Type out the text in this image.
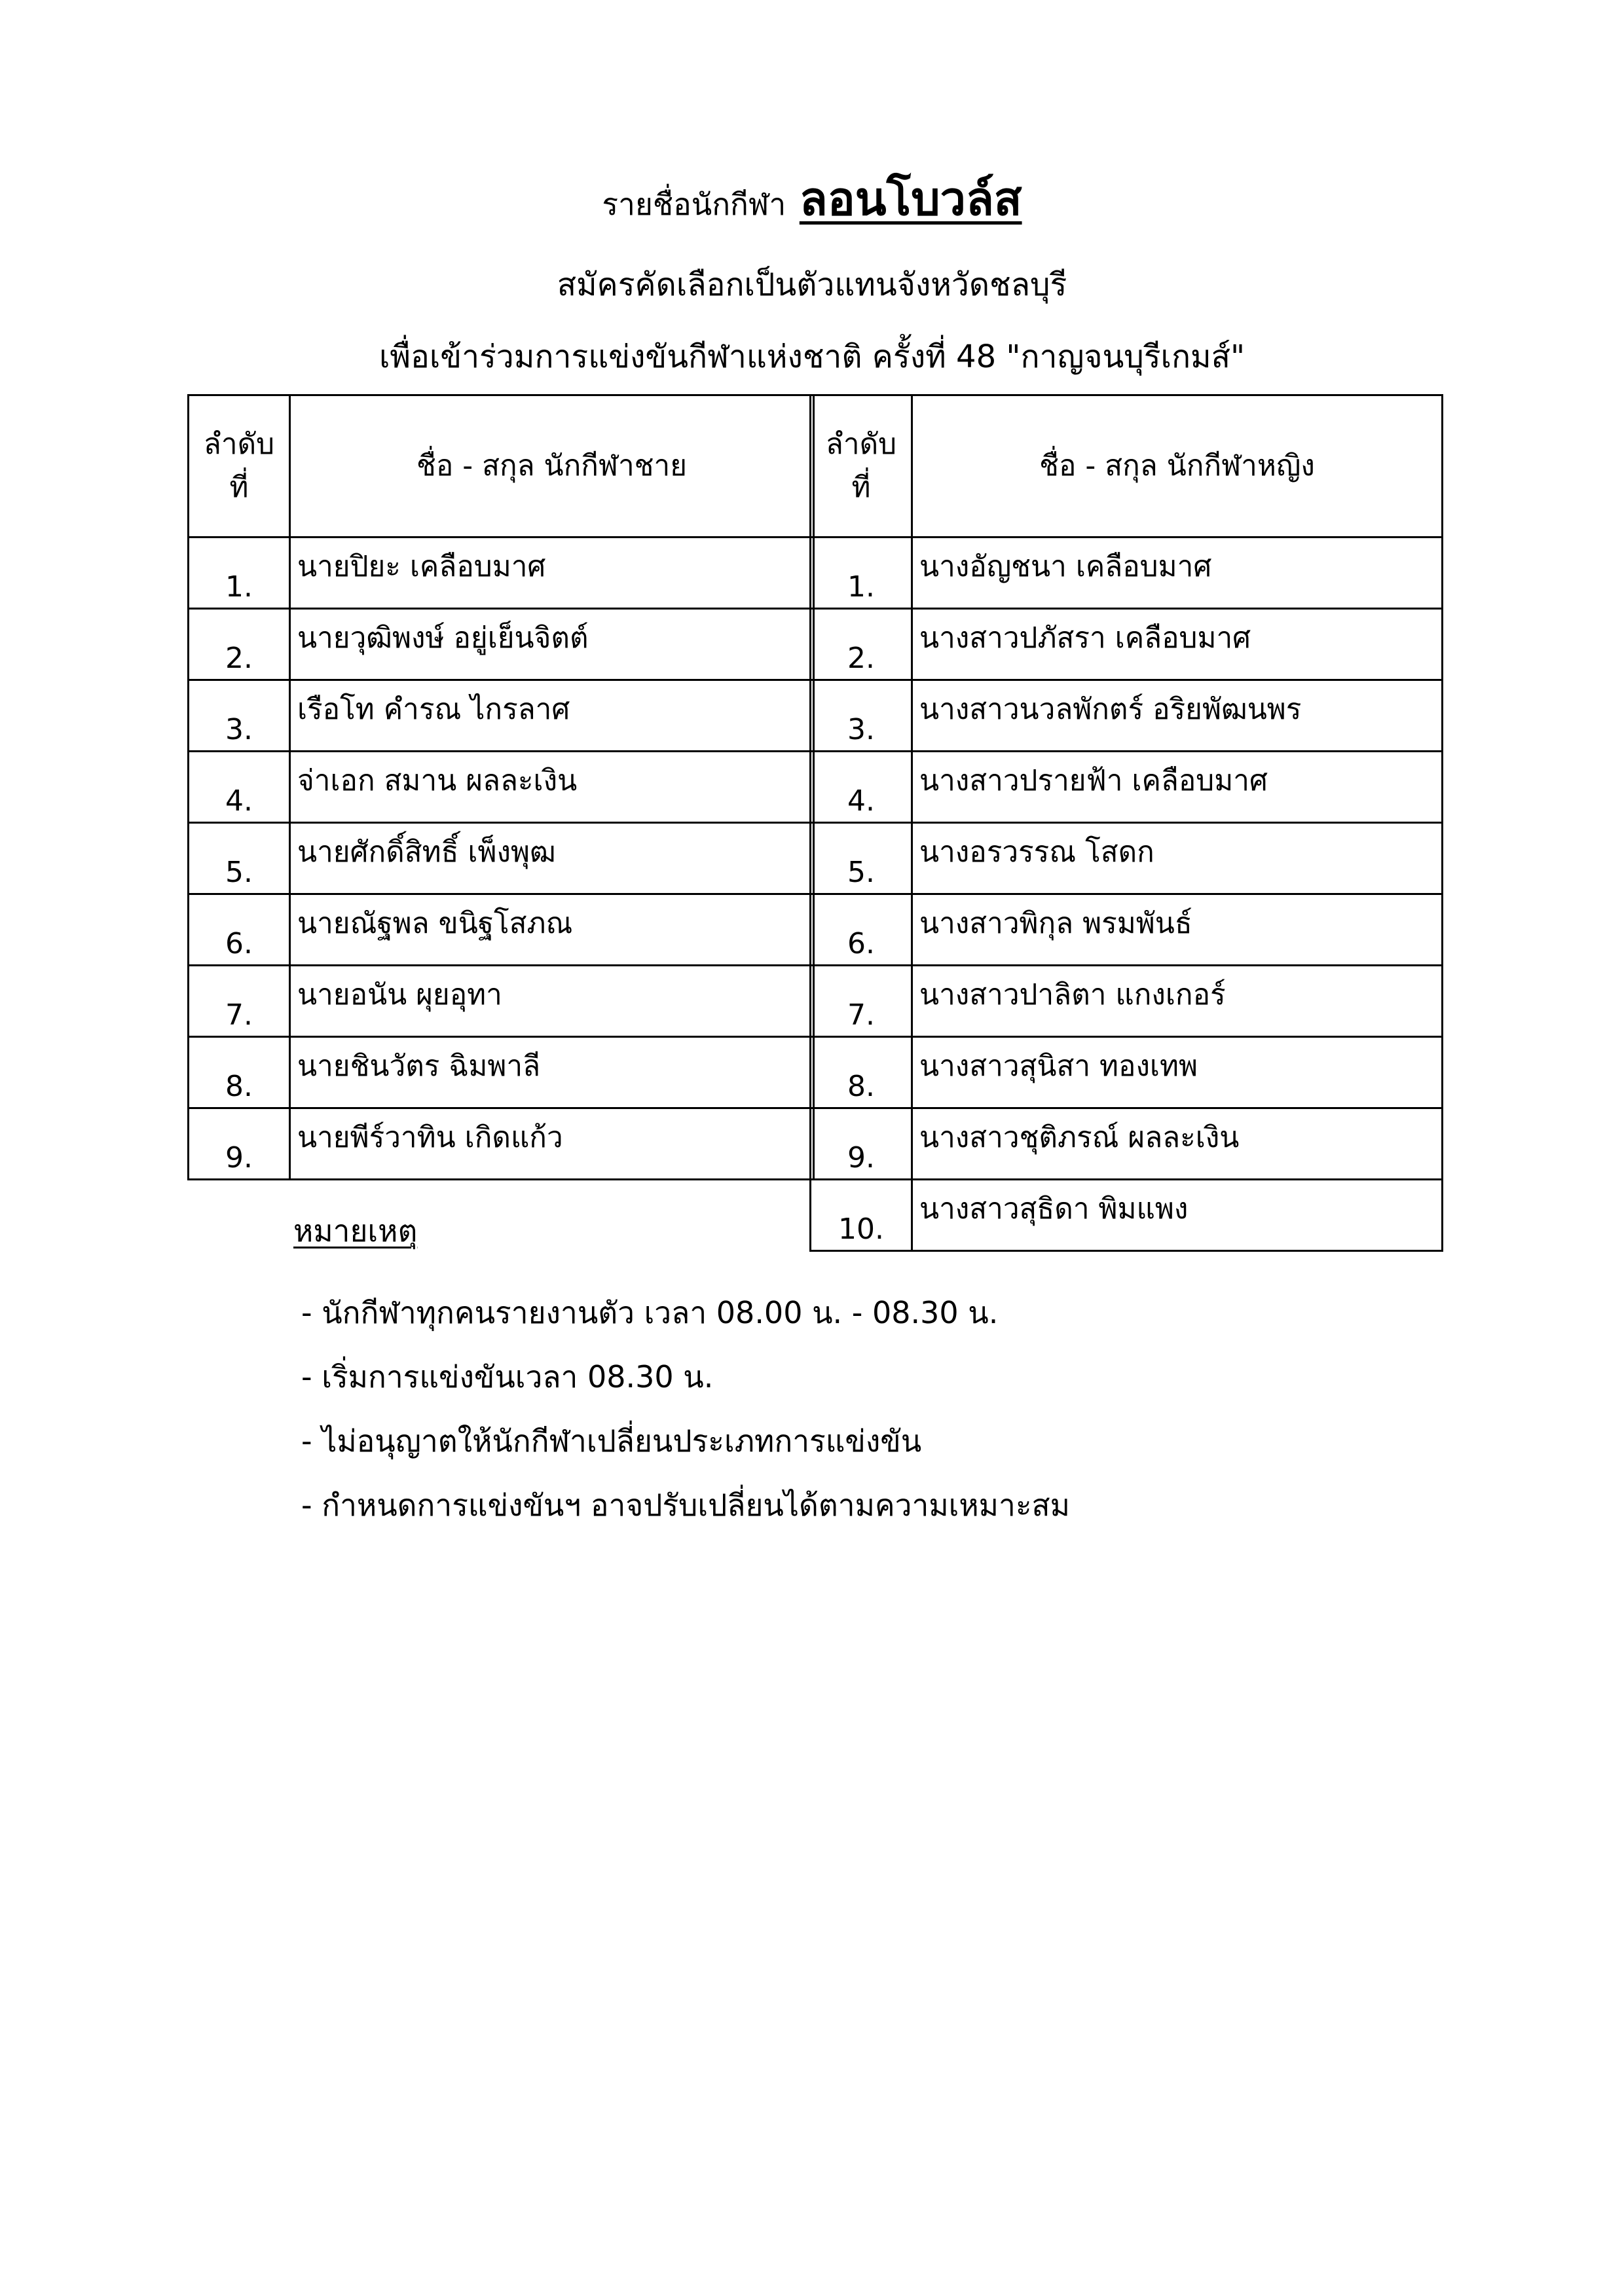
รายชื่อนักกีฬา ลอนโบวล์ส
สมัครคัดเลือกเป็นตัวแทนจังหวัดชลบุรี
เพื่อเข้าร่วมการแข่งขันกีฬาแห่งชาติ ครั้งที่ 48 "กาญจนบุรีเกมส์"
ลำดับ
ที่	ชื่อ - สกุล นักกีฬาชาย
1.	นายปิยะ เคลือบมาศ
2.	นายวุฒิพงษ์ อยู่เย็นจิตต์
3.	เรือโท คำรณ ไกรลาศ
4.	จ่าเอก สมาน ผลละเงิน
5.	นายศักดิ์สิทธิ์ เพ็งพุฒ
6.	นายณัฐพล ขนิฐโสภณ
7.	นายอนัน ผุยอุทา
8.	นายชินวัตร ฉิมพาลี
9.	นายพีร์วาทิน เกิดแก้ว
ลำดับ
ที่	ชื่อ - สกุล นักกีฬาหญิง
1.	นางอัญชนา เคลือบมาศ
2.	นางสาวปภัสรา เคลือบมาศ
3.	นางสาวนวลพักตร์ อริยพัฒนพร
4.	นางสาวปรายฟ้า เคลือบมาศ
5.	นางอรวรรณ โสดก
6.	นางสาวพิกุล พรมพันธ์
7.	นางสาวปาลิตา แกงเกอร์
8.	นางสาวสุนิสา ทองเทพ
9.	นางสาวชุติภรณ์ ผลละเงิน
10.	นางสาวสุธิดา พิมแพง
หมายเหตุ
- นักกีฬาทุกคนรายงานตัว เวลา 08.00 น. - 08.30 น.
- เริ่มการแข่งขันเวลา 08.30 น.
- ไม่อนุญาตให้นักกีฬาเปลี่ยนประเภทการแข่งขัน
- กำหนดการแข่งขันฯ อาจปรับเปลี่ยนได้ตามความเหมาะสม
